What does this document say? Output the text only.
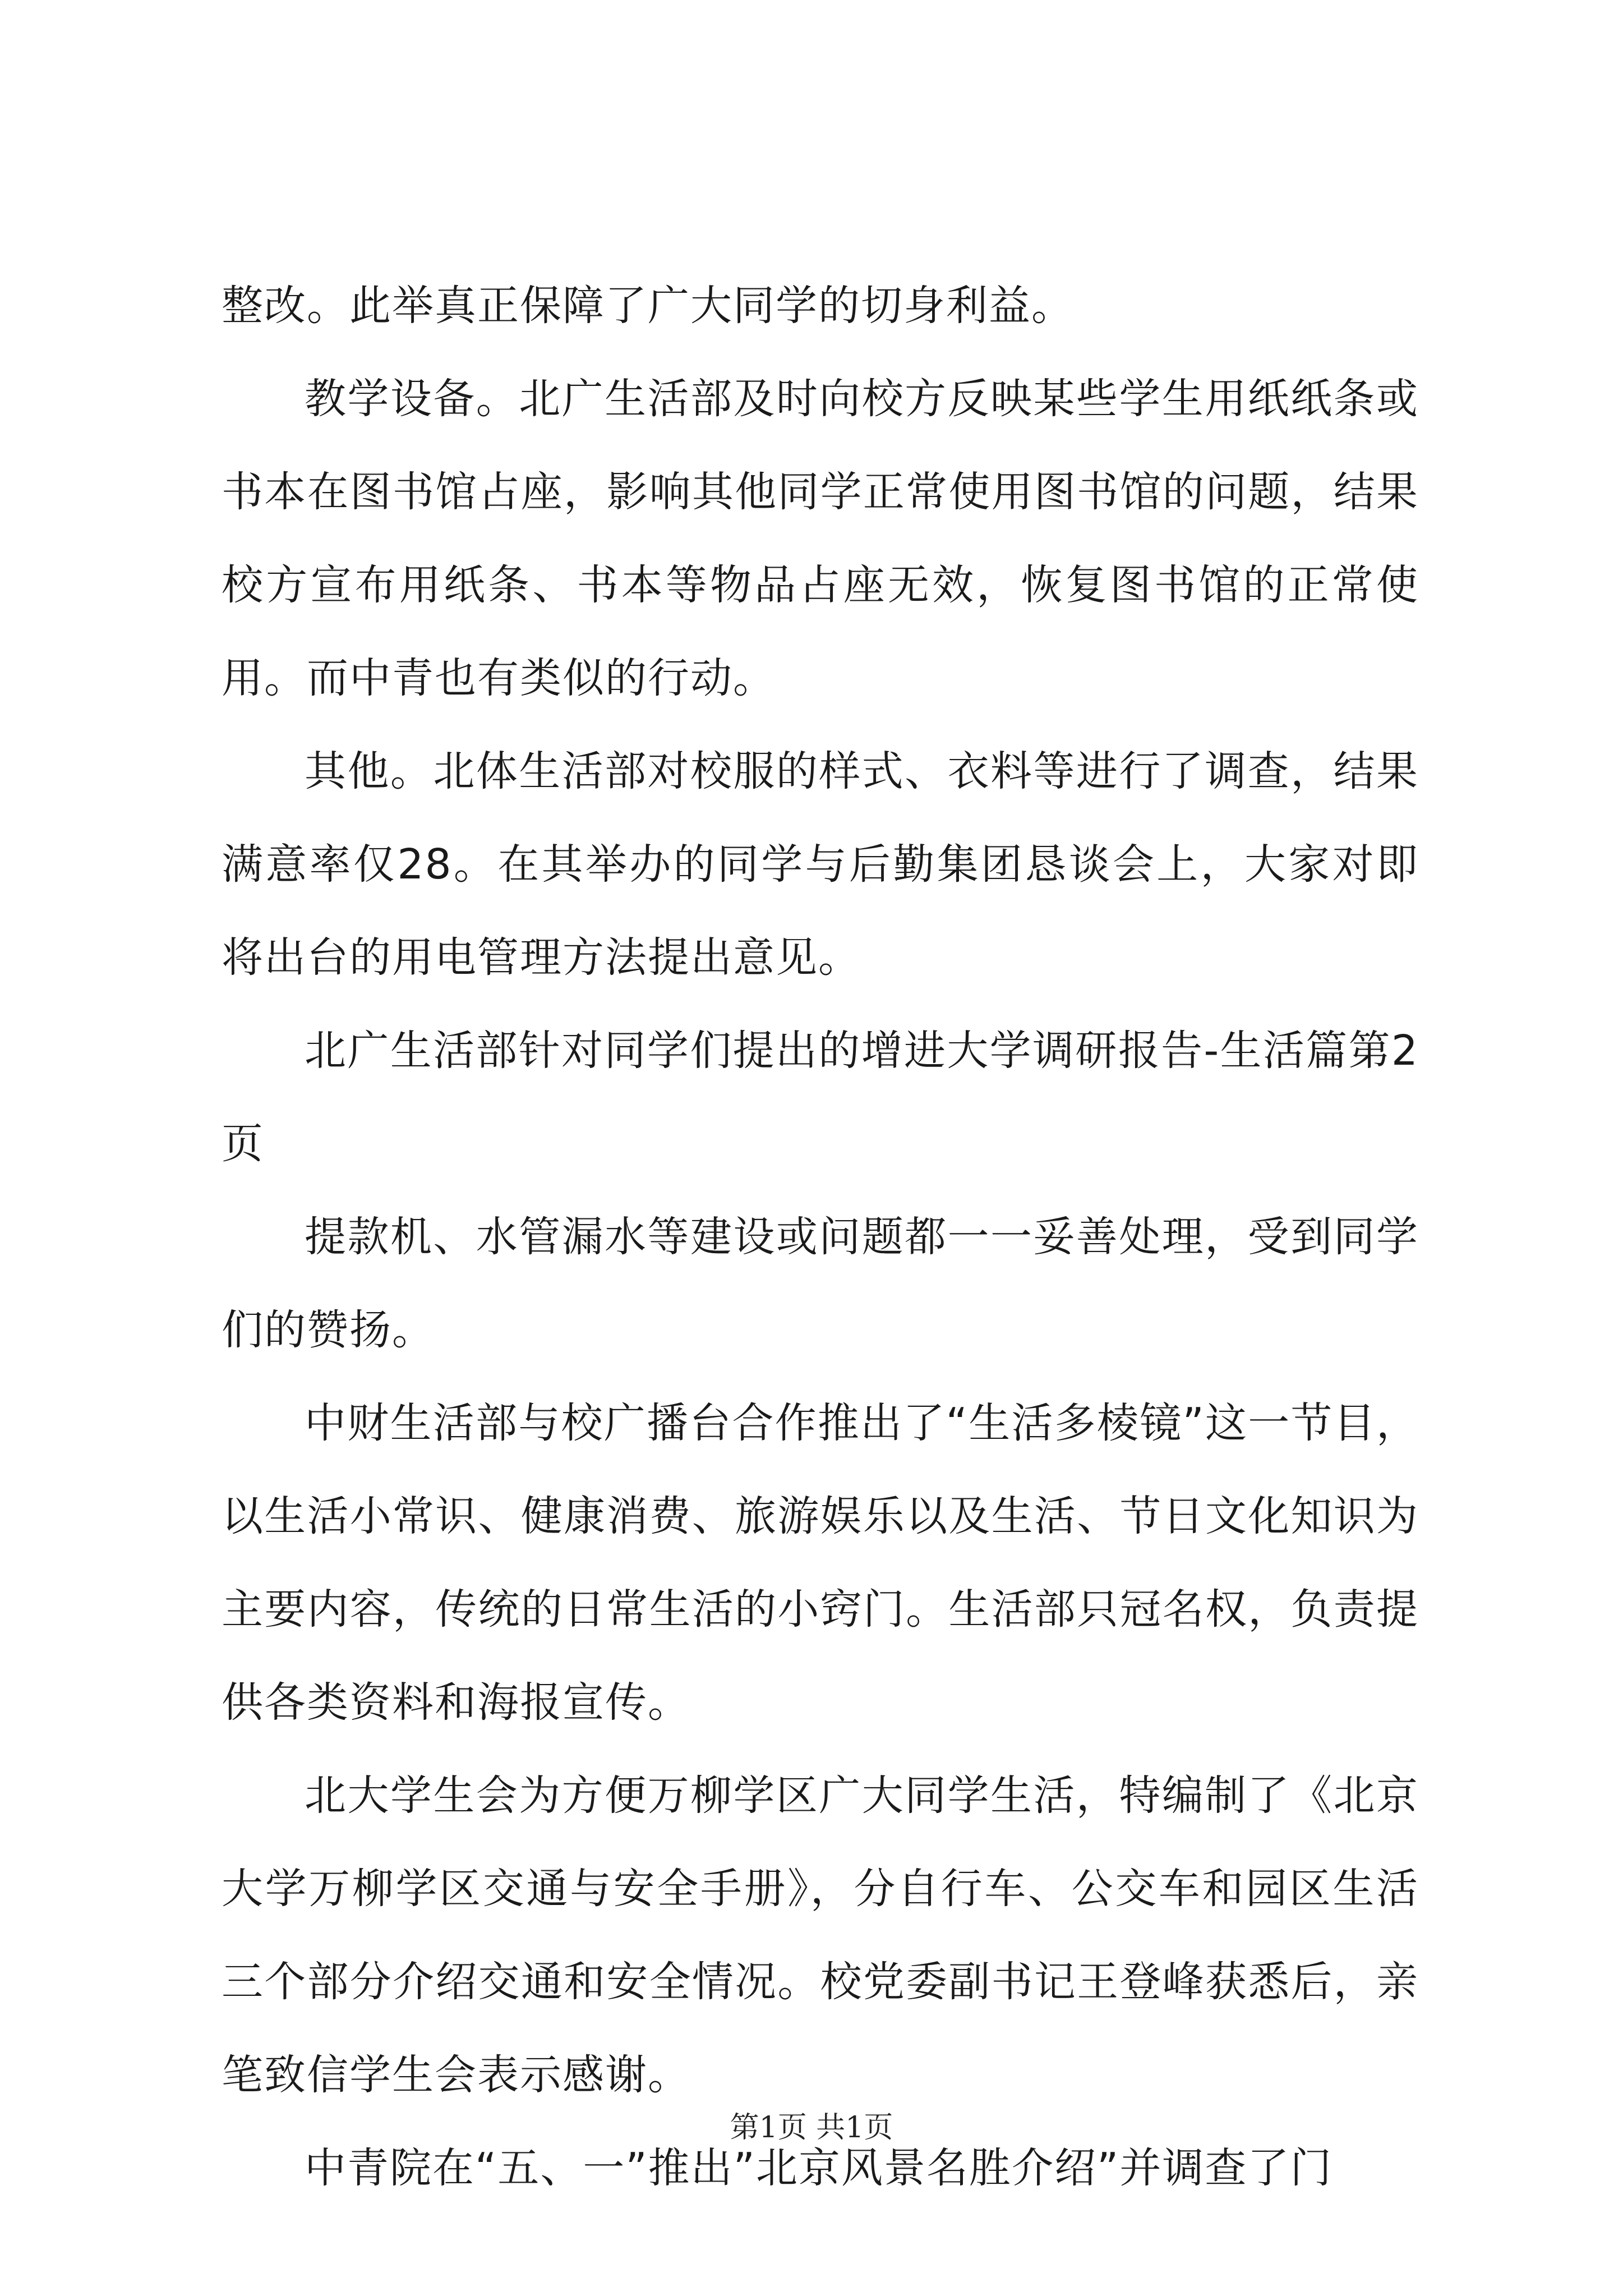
整改。此举真正保障了广大同学的切身利益。

教学设备。北广生活部及时向校方反映某些学生用纸纸条或书本在图书馆占座，影响其他同学正常使用图书馆的问题，结果校方宣布用纸条、书本等物品占座无效，恢复图书馆的正常使用。而中青也有类似的行动。

其他。北体生活部对校服的样式、衣料等进行了调查，结果满意率仅28。在其举办的同学与后勤集团恳谈会上，大家对即将出台的用电管理方法提出意见。

北广生活部针对同学们提出的增进大学调研报告-生活篇第2页

提款机、水管漏水等建设或问题都一一妥善处理，受到同学们的赞扬。

中财生活部与校广播台合作推出了“生活多棱镜”这一节目，以生活小常识、健康消费、旅游娱乐以及生活、节日文化知识为主要内容，传统的日常生活的小窍门。生活部只冠名权，负责提供各类资料和海报宣传。

北大学生会为方便万柳学区广大同学生活，特编制了《北京大学万柳学区交通与安全手册》，分自行车、公交车和园区生活三个部分介绍交通和安全情况。校党委副书记王登峰获悉后，亲笔致信学生会表示感谢。

中青院在“五、一”推出”北京风景名胜介绍”并调查了门

第1页 共1页
